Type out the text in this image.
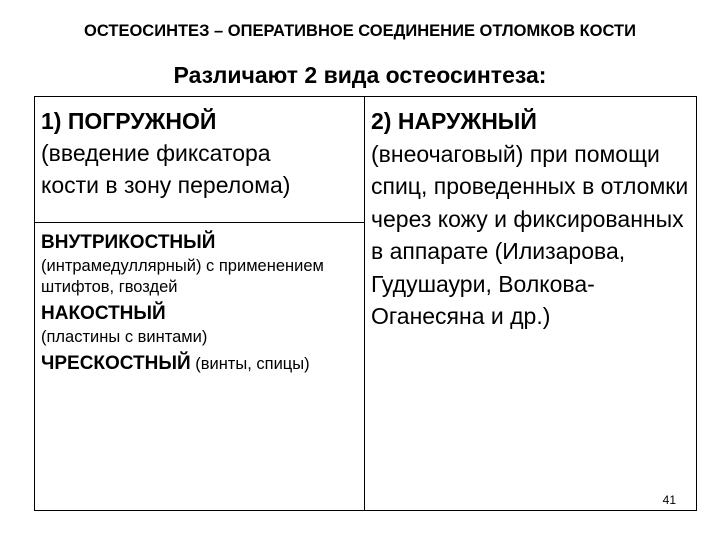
ОСТЕОСИНТЕЗ – ОПЕРАТИВНОЕ СОЕДИНЕНИЕ ОТЛОМКОВ КОСТИ
Различают 2 вида остеосинтеза:
1) ПОГРУЖНОЙ
(введение фиксатора
кости в зону перелома)
2) НАРУЖНЫЙ (внеочаговый) при помощи спиц, проведенных в отломки через кожу и фиксированных в аппарате (Илизарова, Гудушаури, Волкова-Оганесяна и др.)
ВНУТРИКОСТНЫЙ
(интрамедуллярный) с применением штифтов, гвоздей
НАКОСТНЫЙ
(пластины с винтами)
ЧРЕСКОСТНЫЙ (винты, спицы)
41
